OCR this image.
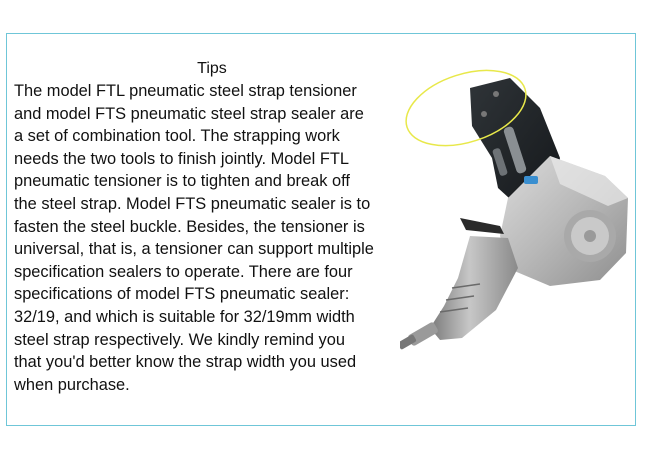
Tips

The model FTL pneumatic steel strap tensioner

and model FTS pneumatic steel strap sealer are

a set of combination tool. The strapping work

needs the two tools to finish jointly. Model FTL

pneumatic tensioner is to tighten and break off

the steel strap. Model FTS pneumatic sealer is to

fasten the steel buckle. Besides, the tensioner is

universal, that is, a tensioner can support multiple

specification sealers to operate. There are four

specifications of model FTS pneumatic sealer:

32/19, and which is suitable for 32/19mm width

steel strap respectively. We kindly remind you

that you'd better know the strap width you used

when purchase.
